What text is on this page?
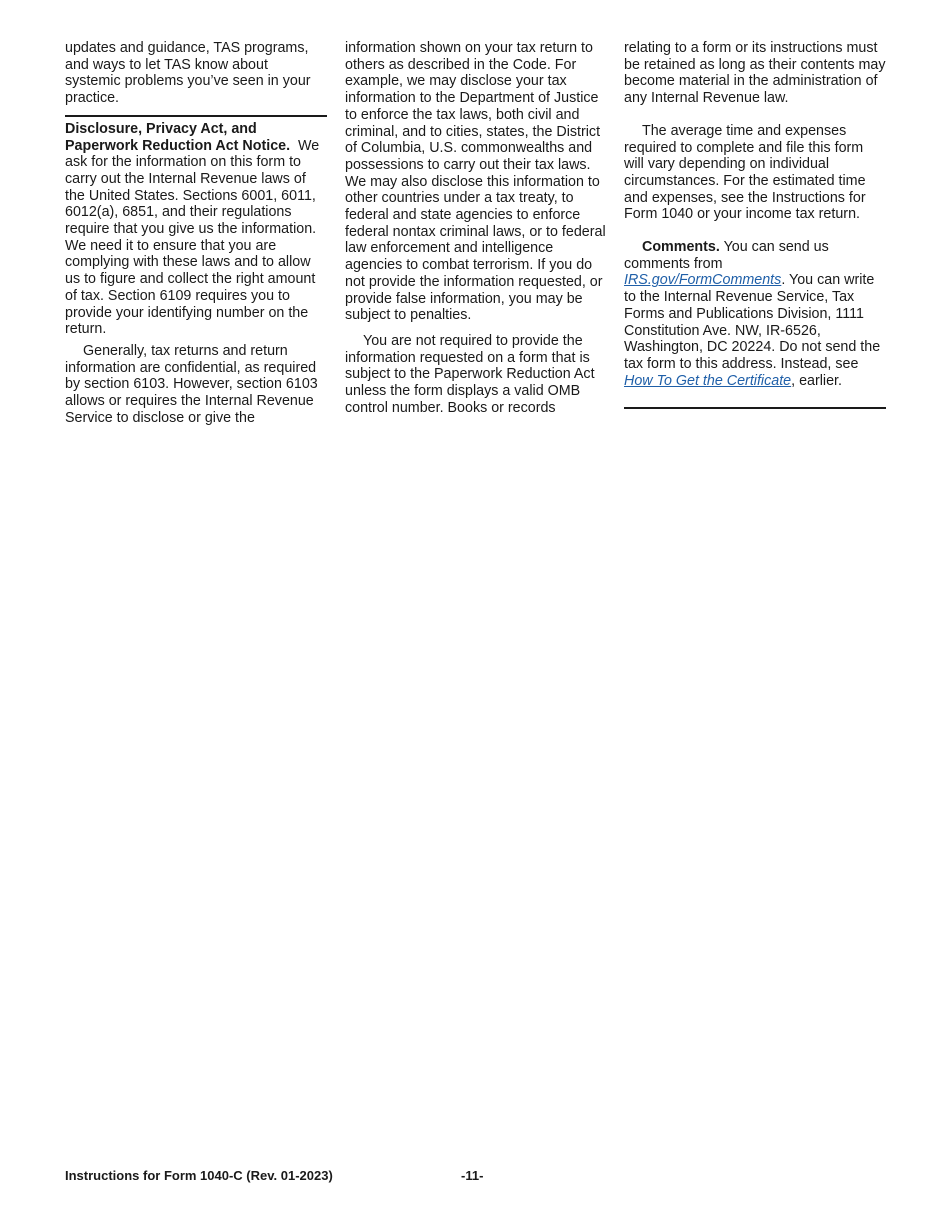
updates and guidance, TAS programs, and ways to let TAS know about systemic problems you’ve seen in your practice.

Disclosure, Privacy Act, and Paperwork Reduction Act Notice. We ask for the information on this form to carry out the Internal Revenue laws of the United States. Sections 6001, 6011, 6012(a), 6851, and their regulations require that you give us the information. We need it to ensure that you are complying with these laws and to allow us to figure and collect the right amount of tax. Section 6109 requires you to provide your identifying number on the return.

Generally, tax returns and return information are confidential, as required by section 6103. However, section 6103 allows or requires the Internal Revenue Service to disclose or give the

information shown on your tax return to others as described in the Code. For example, we may disclose your tax information to the Department of Justice to enforce the tax laws, both civil and criminal, and to cities, states, the District of Columbia, U.S. commonwealths and possessions to carry out their tax laws. We may also disclose this information to other countries under a tax treaty, to federal and state agencies to enforce federal nontax criminal laws, or to federal law enforcement and intelligence agencies to combat terrorism. If you do not provide the information requested, or provide false information, you may be subject to penalties.

You are not required to provide the information requested on a form that is subject to the Paperwork Reduction Act unless the form displays a valid OMB control number. Books or records

relating to a form or its instructions must be retained as long as their contents may become material in the administration of any Internal Revenue law.

The average time and expenses required to complete and file this form will vary depending on individual circumstances. For the estimated time and expenses, see the Instructions for Form 1040 or your income tax return.

Comments. You can send us comments from IRS.gov/FormComments. You can write to the Internal Revenue Service, Tax Forms and Publications Division, 1111 Constitution Ave. NW, IR-6526, Washington, DC 20224. Do not send the tax form to this address. Instead, see How To Get the Certificate, earlier.

Instructions for Form 1040-C (Rev. 01-2023)	-11-
